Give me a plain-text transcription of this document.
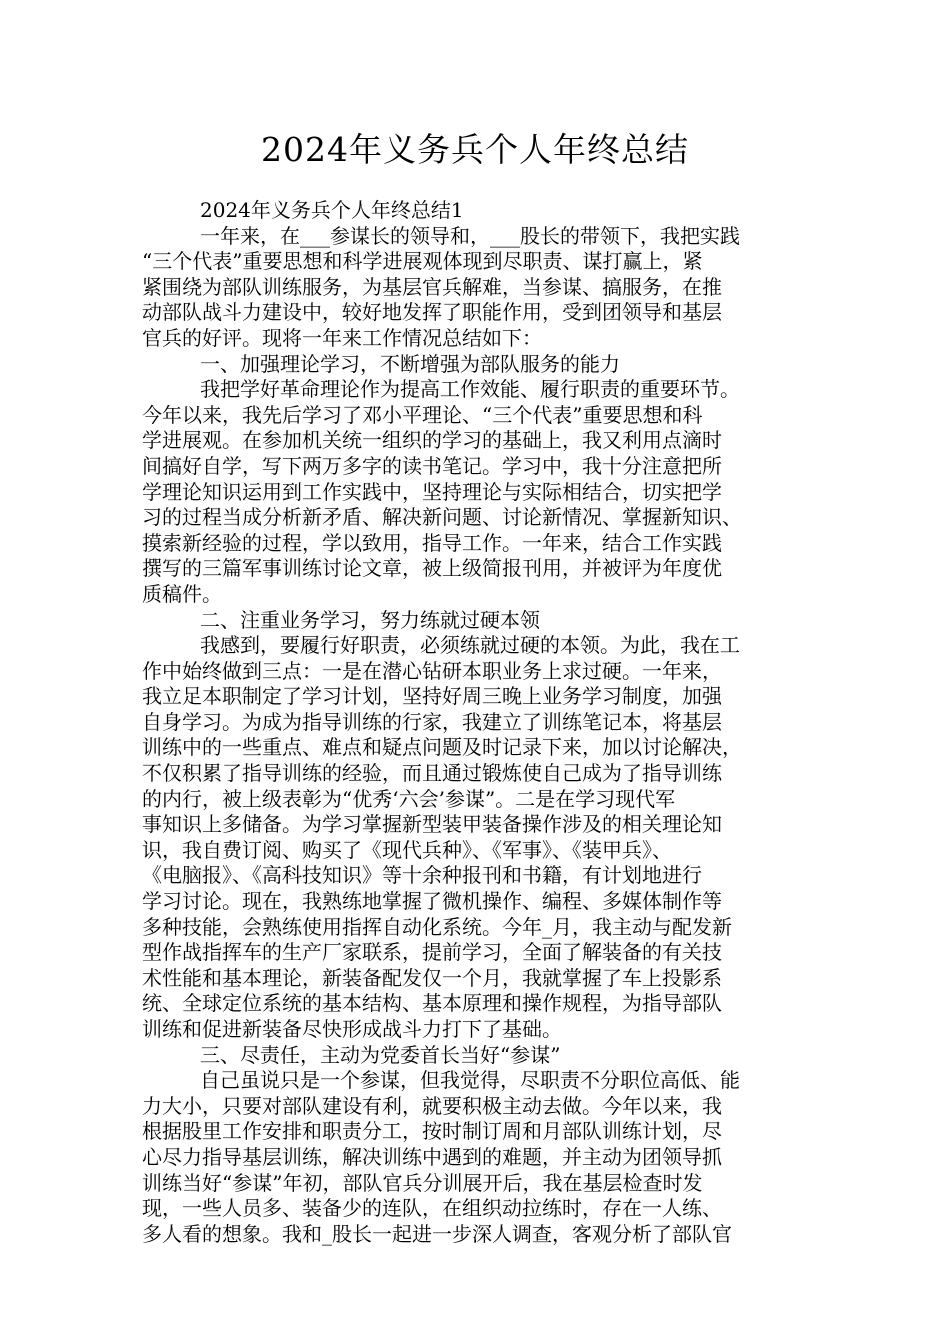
2024年义务兵个人年终总结
2024年义务兵个人年终总结1
一年来，在___参谋长的领导和，___股长的带领下，我把实践
“三个代表”重要思想和科学进展观体现到尽职责、谋打赢上，紧
紧围绕为部队训练服务，为基层官兵解难，当参谋、搞服务，在推
动部队战斗力建设中，较好地发挥了职能作用，受到团领导和基层
官兵的好评。现将一年来工作情况总结如下：
一、加强理论学习，不断增强为部队服务的能力
我把学好革命理论作为提高工作效能、履行职责的重要环节。
今年以来，我先后学习了邓小平理论、“三个代表”重要思想和科
学进展观。在参加机关统一组织的学习的基础上，我又利用点滴时
间搞好自学，写下两万多字的读书笔记。学习中，我十分注意把所
学理论知识运用到工作实践中，坚持理论与实际相结合，切实把学
习的过程当成分析新矛盾、解决新问题、讨论新情况、掌握新知识、
摸索新经验的过程，学以致用，指导工作。一年来，结合工作实践
撰写的三篇军事训练讨论文章，被上级简报刊用，并被评为年度优
质稿件。
二、注重业务学习，努力练就过硬本领
我感到，要履行好职责，必须练就过硬的本领。为此，我在工
作中始终做到三点：一是在潜心钻研本职业务上求过硬。一年来，
我立足本职制定了学习计划，坚持好周三晚上业务学习制度，加强
自身学习。为成为指导训练的行家，我建立了训练笔记本，将基层
训练中的一些重点、难点和疑点问题及时记录下来，加以讨论解决，
不仅积累了指导训练的经验，而且通过锻炼使自己成为了指导训练
的内行，被上级表彰为“优秀‘六会’参谋”。二是在学习现代军
事知识上多储备。为学习掌握新型装甲装备操作涉及的相关理论知
识，我自费订阅、购买了《现代兵种》、《军事》、《装甲兵》、
《电脑报》、《高科技知识》等十余种报刊和书籍，有计划地进行
学习讨论。现在，我熟练地掌握了微机操作、编程、多媒体制作等
多种技能，会熟练使用指挥自动化系统。今年_月，我主动与配发新
型作战指挥车的生产厂家联系，提前学习，全面了解装备的有关技
术性能和基本理论，新装备配发仅一个月，我就掌握了车上投影系
统、全球定位系统的基本结构、基本原理和操作规程，为指导部队
训练和促进新装备尽快形成战斗力打下了基础。
三、尽责任，主动为党委首长当好“参谋”
自己虽说只是一个参谋，但我觉得，尽职责不分职位高低、能
力大小，只要对部队建设有利，就要积极主动去做。今年以来，我
根据股里工作安排和职责分工，按时制订周和月部队训练计划，尽
心尽力指导基层训练，解决训练中遇到的难题，并主动为团领导抓
训练当好“参谋”年初，部队官兵分训展开后，我在基层检查时发
现，一些人员多、装备少的连队，在组织动拉练时，存在一人练、
多人看的想象。我和_股长一起进一步深人调查，客观分析了部队官
